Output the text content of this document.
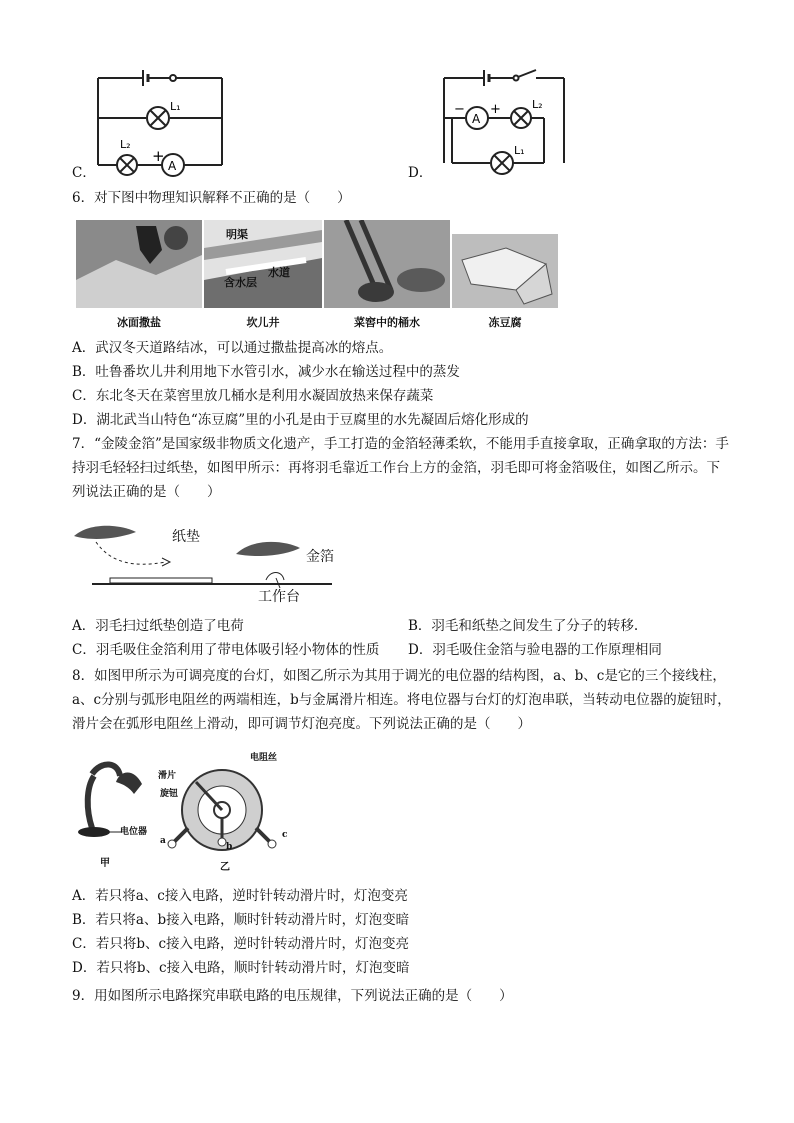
L₁
L₂
+
A
C．
− +
A
L₂
L₁
D．
6．对下图中物理知识解释不正确的是（　　）
明渠
含水层
水道
冰面撒盐	坎儿井	菜窖中的桶水	冻豆腐
A．武汉冬天道路结冰，可以通过撒盐提高冰的熔点。
B．吐鲁番坎儿井利用地下水管引水，减少水在输送过程中的蒸发
C．东北冬天在菜窖里放几桶水是利用水凝固放热来保存蔬菜
D．湖北武当山特色“冻豆腐”里的小孔是由于豆腐里的水先凝固后熔化形成的
7．“金陵金箔”是国家级非物质文化遗产，手工打造的金箔轻薄柔软，不能用手直接拿取，正确拿取的方法：手持羽毛轻轻扫过纸垫，如图甲所示：再将羽毛靠近工作台上方的金箔，羽毛即可将金箔吸住，如图乙所示。下列说法正确的是（　　）
纸垫
金箔
工作台
A．羽毛扫过纸垫创造了电荷	B．羽毛和纸垫之间发生了分子的转移.
C．羽毛吸住金箔利用了带电体吸引轻小物体的性质 D．羽毛吸住金箔与验电器的工作原理相同
8．如图甲所示为可调亮度的台灯，如图乙所示为其用于调光的电位器的结构图，a、b、c是它的三个接线柱，a、c分别与弧形电阻丝的两端相连，b与金属滑片相连。将电位器与台灯的灯泡串联，当转动电位器的旋钮时，滑片会在弧形电阻丝上滑动，即可调节灯泡亮度。下列说法正确的是（　　）
电位器
甲	乙
电阻丝
滑片
旋钮
a
b
c
A．若只将a、c接入电路，逆时针转动滑片时，灯泡变亮
B．若只将a、b接入电路，顺时针转动滑片时，灯泡变暗
C．若只将b、c接入电路，逆时针转动滑片时，灯泡变亮
D．若只将b、c接入电路，顺时针转动滑片时，灯泡变暗
9．用如图所示电路探究串联电路的电压规律，下列说法正确的是（　　）
